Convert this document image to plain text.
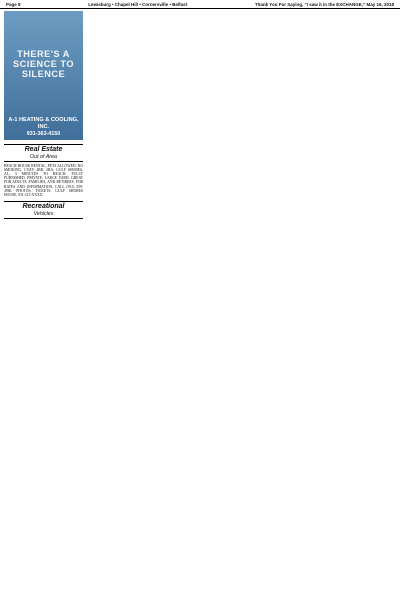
Page 8	Lewisburg • Chapel Hill • Cornersville • Belfast	Thank You For Saying, “I saw it in the EXCHANGE,” May 16, 2018
THERE'S A SCIENCE TO SILENCE
A-1 HEATING & COOLING, INC.
931-363-4150
Real Estate
Out of Area
BEACH HOUSE RENTAL, PETS ALLOWED, NO SMOKING. COZY 2BR, 2BA, GULF SHORES, AL, 3 MINUTES TO BEACH. FULLY FURNISHED. PRIVATE, LARGE YARD. GREAT FOR ADULTS, FAMILIES, AND RETIREES. FOR RATES AND INFORMATION, CALL (931) 359-4960. PHOTOS, TICKETS, GULF SHORES HOUSE, 931-215-XXXX.
Recreational
Vehicles
